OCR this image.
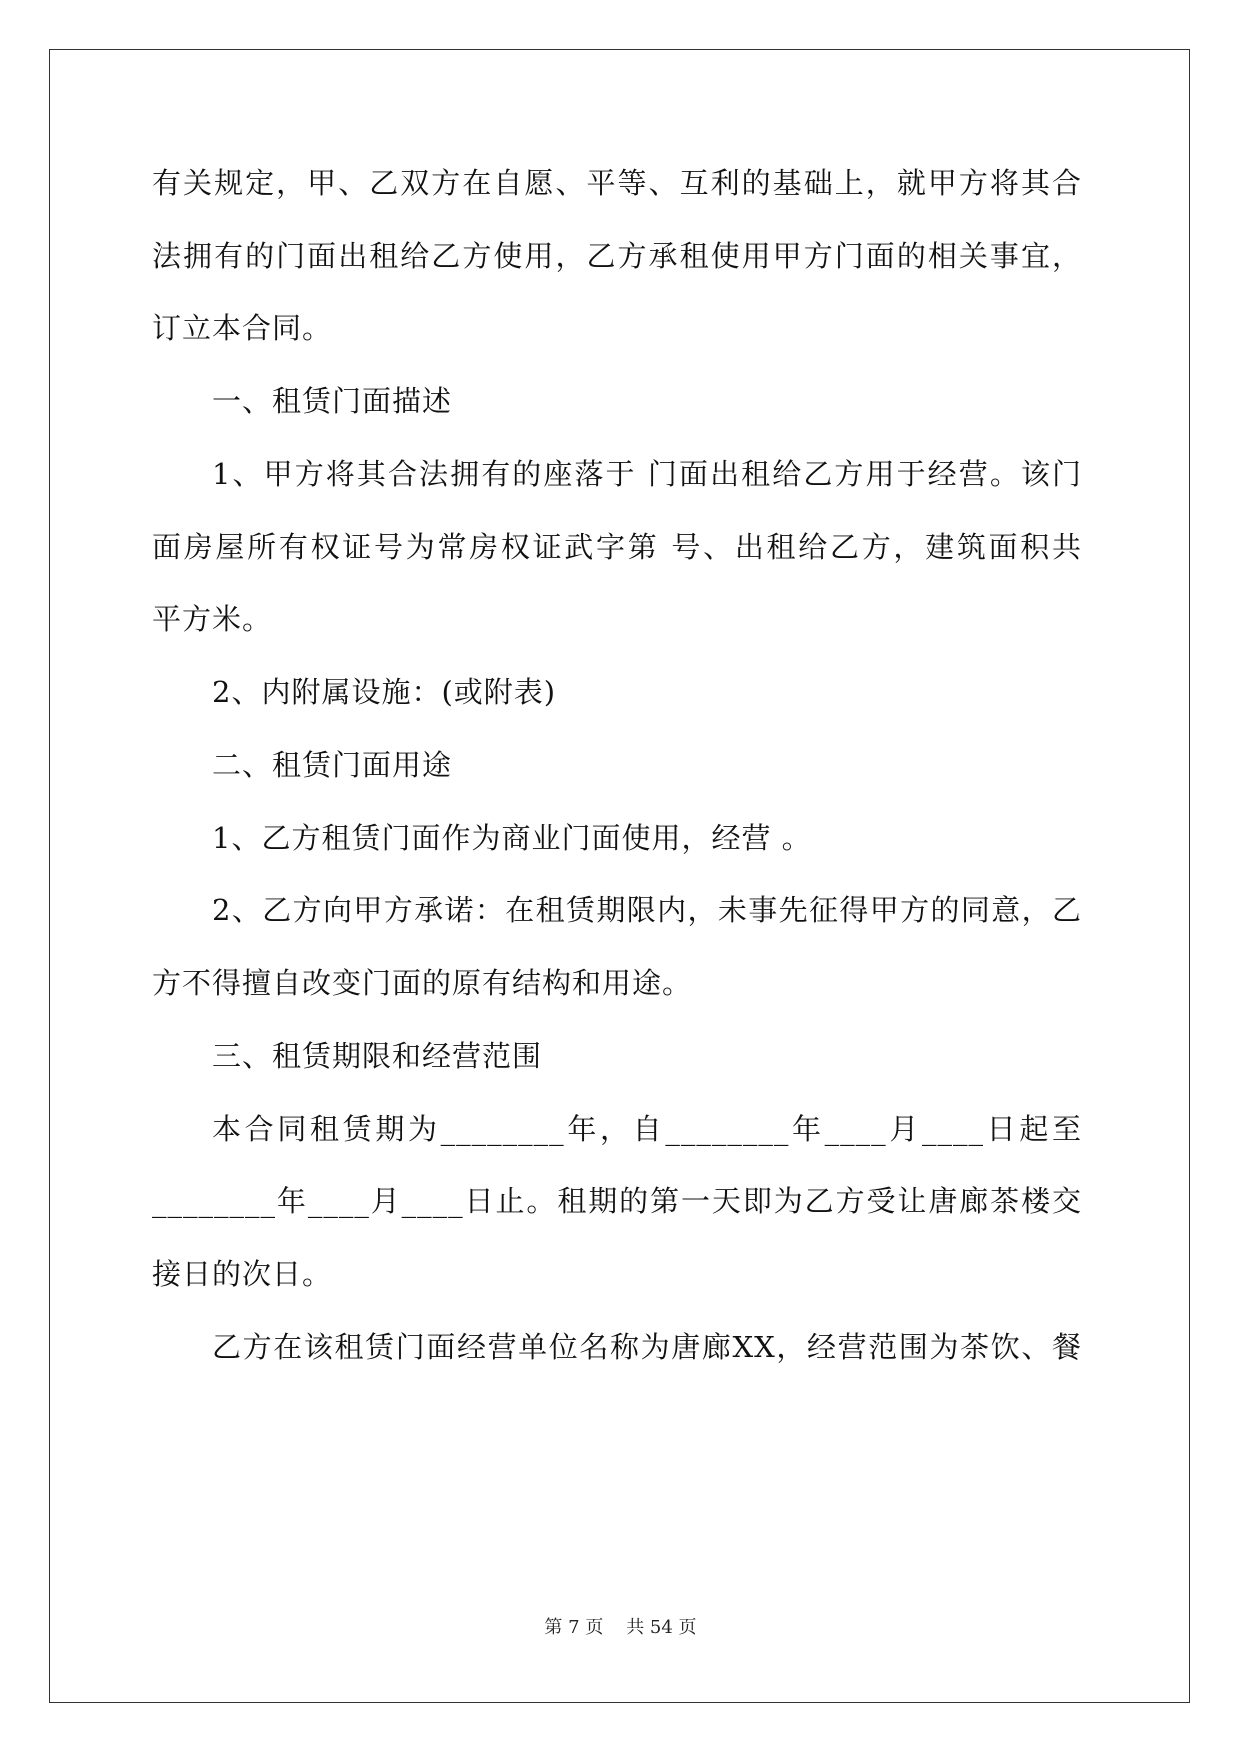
有关规定，甲、乙双方在自愿、平等、互利的基础上，就甲方将其合
法拥有的门面出租给乙方使用，乙方承租使用甲方门面的相关事宜，
订立本合同。
一、租赁门面描述
1、甲方将其合法拥有的座落于 门面出租给乙方用于经营。该门
面房屋所有权证号为常房权证武字第 号、出租给乙方，建筑面积共
平方米。
2、内附属设施：(或附表)
二、租赁门面用途
1、乙方租赁门面作为商业门面使用，经营 。
2、乙方向甲方承诺：在租赁期限内，未事先征得甲方的同意，乙
方不得擅自改变门面的原有结构和用途。
三、租赁期限和经营范围
本合同租赁期为________年，自________年____月____日起至
________年____月____日止。租期的第一天即为乙方受让唐廊茶楼交
接日的次日。
乙方在该租赁门面经营单位名称为唐廊XX，经营范围为茶饮、餐
第 7 页    共 54 页
